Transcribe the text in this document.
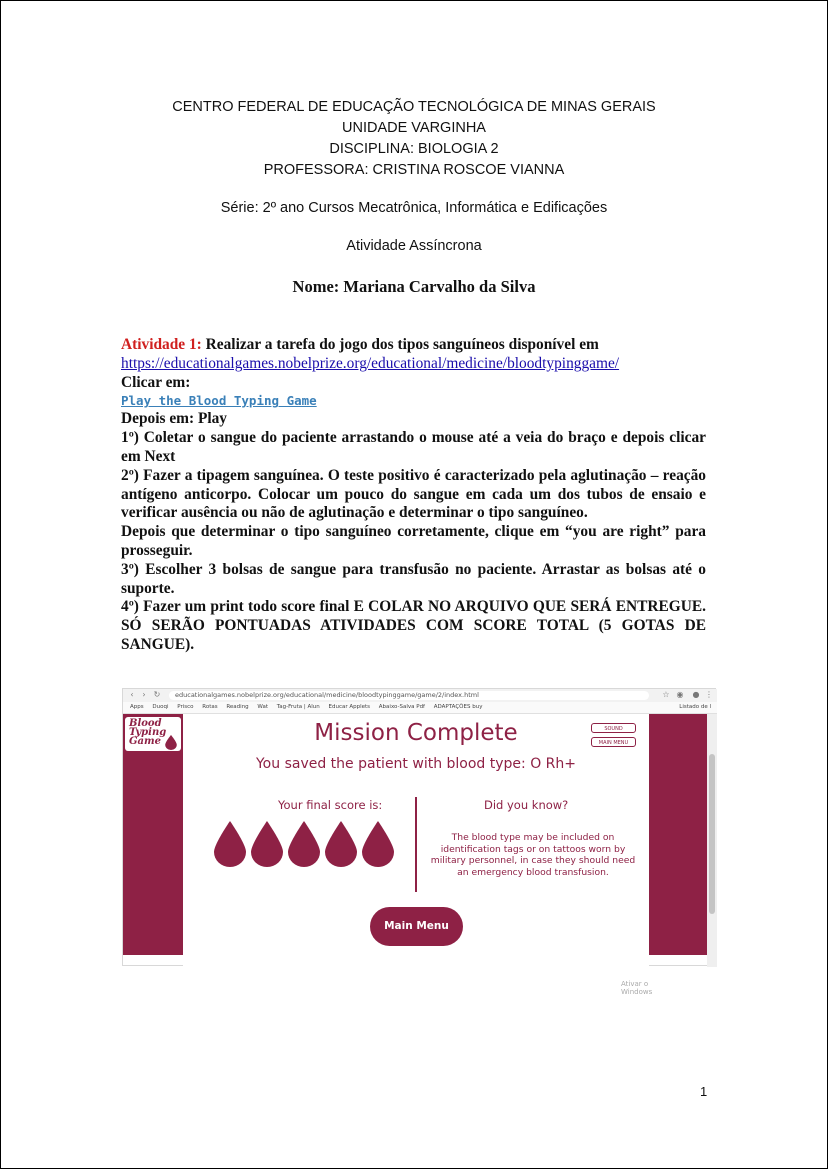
CENTRO FEDERAL DE EDUCAÇÃO TECNOLÓGICA DE MINAS GERAIS
UNIDADE VARGINHA
DISCIPLINA: BIOLOGIA 2
PROFESSORA: CRISTINA ROSCOE VIANNA
Série: 2º ano Cursos Mecatrônica, Informática e Edificações
Atividade Assíncrona
Nome: Mariana Carvalho da Silva

Atividade 1: Realizar a tarefa do jogo dos tipos sanguíneos disponível em
https://educationalgames.nobelprize.org/educational/medicine/bloodtypinggame/

Clicar em:

Play the Blood Typing Game

Depois em: Play

1º) Coletar o sangue do paciente arrastando o mouse até a veia do braço e depois clicar em Next

2º) Fazer a tipagem sanguínea. O teste positivo é caracterizado pela aglutinação – reação antígeno anticorpo. Colocar um pouco do sangue em cada um dos tubos de ensaio e verificar ausência ou não de aglutinação e determinar o tipo sanguíneo.

Depois que determinar o tipo sanguíneo corretamente, clique em “you are right” para prosseguir.

3º) Escolher 3 bolsas de sangue para transfusão no paciente. Arrastar as bolsas até o suporte.

4º) Fazer um print todo score final E COLAR NO ARQUIVO QUE SERÁ ENTREGUE. SÓ SERÃO PONTUADAS ATIVIDADES COM SCORE TOTAL (5 GOTAS DE SANGUE).

‹	›	↻	educationalgames.nobelprize.org/educational/medicine/bloodtypinggame/game/2/index.html	☆ ◉ ● ⋮
Apps Duoqi Prisco Rotas Reading Wat Tag-Fruta | Alun Educar Applets Abaixo-Salva Pdf ADAPTAÇÕES buy	Listado de l
Blood Typing Game	Mission Complete
You saved the patient with blood type: O Rh+
Your final score is:	Did you know?
The blood type may be included on identification tags or on tattoos worn by military personnel, in case they should need an emergency blood transfusion.
Main Menu
Ativar o Windows
SOUND
MAIN MENU
1
